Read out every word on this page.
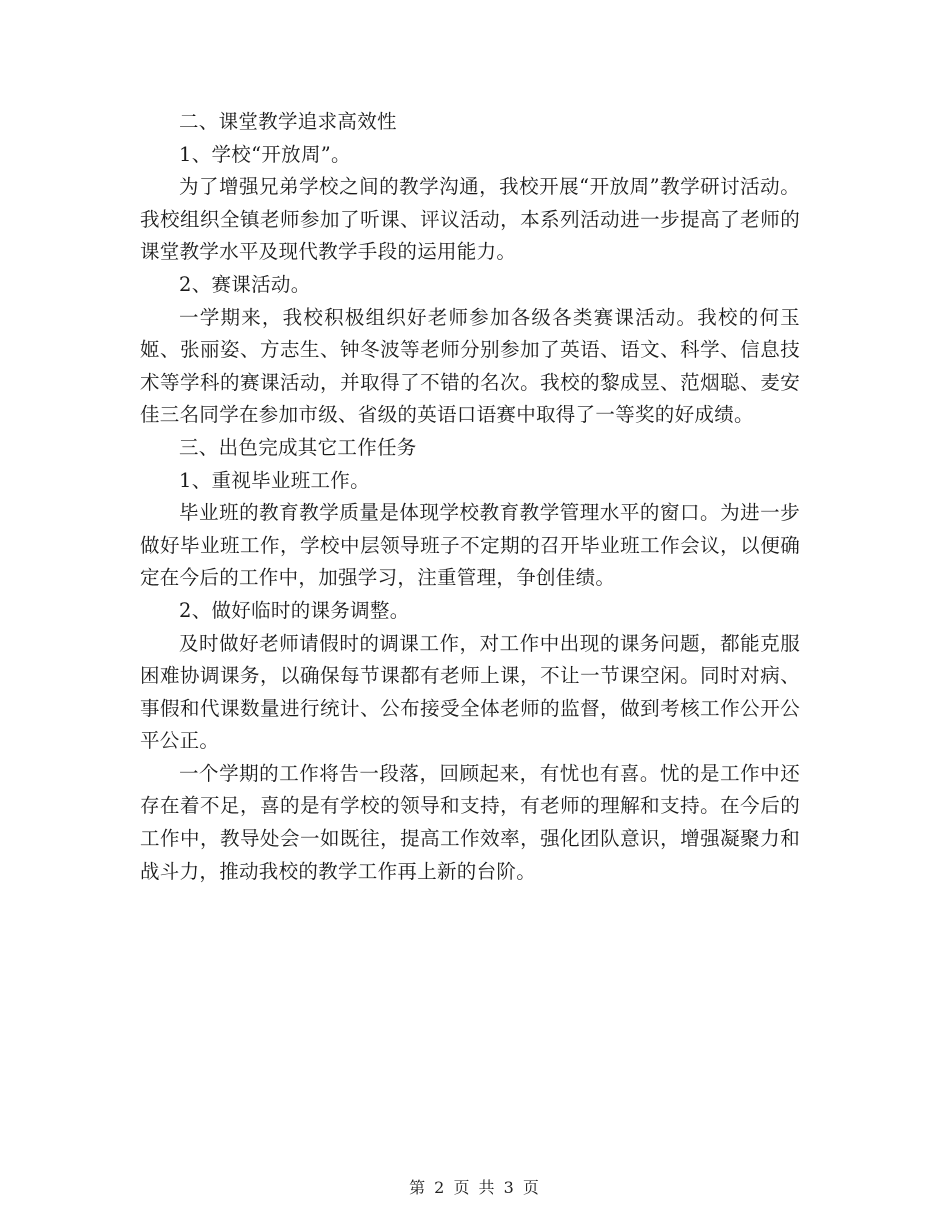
二、课堂教学追求高效性

1、学校“开放周”。

为了增强兄弟学校之间的教学沟通，我校开展“开放周”教学研讨活动。我校组织全镇老师参加了听课、评议活动，本系列活动进一步提高了老师的课堂教学水平及现代教学手段的运用能力。

2、赛课活动。

一学期来，我校积极组织好老师参加各级各类赛课活动。我校的何玉姬、张丽姿、方志生、钟冬波等老师分别参加了英语、语文、科学、信息技术等学科的赛课活动，并取得了不错的名次。我校的黎成昱、范烟聪、麦安佳三名同学在参加市级、省级的英语口语赛中取得了一等奖的好成绩。

三、出色完成其它工作任务

1、重视毕业班工作。

毕业班的教育教学质量是体现学校教育教学管理水平的窗口。为进一步做好毕业班工作，学校中层领导班子不定期的召开毕业班工作会议，以便确定在今后的工作中，加强学习，注重管理，争创佳绩。

2、做好临时的课务调整。

及时做好老师请假时的调课工作，对工作中出现的课务问题，都能克服困难协调课务，以确保每节课都有老师上课，不让一节课空闲。同时对病、事假和代课数量进行统计、公布接受全体老师的监督，做到考核工作公开公平公正。

一个学期的工作将告一段落，回顾起来，有忧也有喜。忧的是工作中还存在着不足，喜的是有学校的领导和支持，有老师的理解和支持。在今后的工作中，教导处会一如既往，提高工作效率，强化团队意识，增强凝聚力和战斗力，推动我校的教学工作再上新的台阶。

第 2 页 共 3 页
